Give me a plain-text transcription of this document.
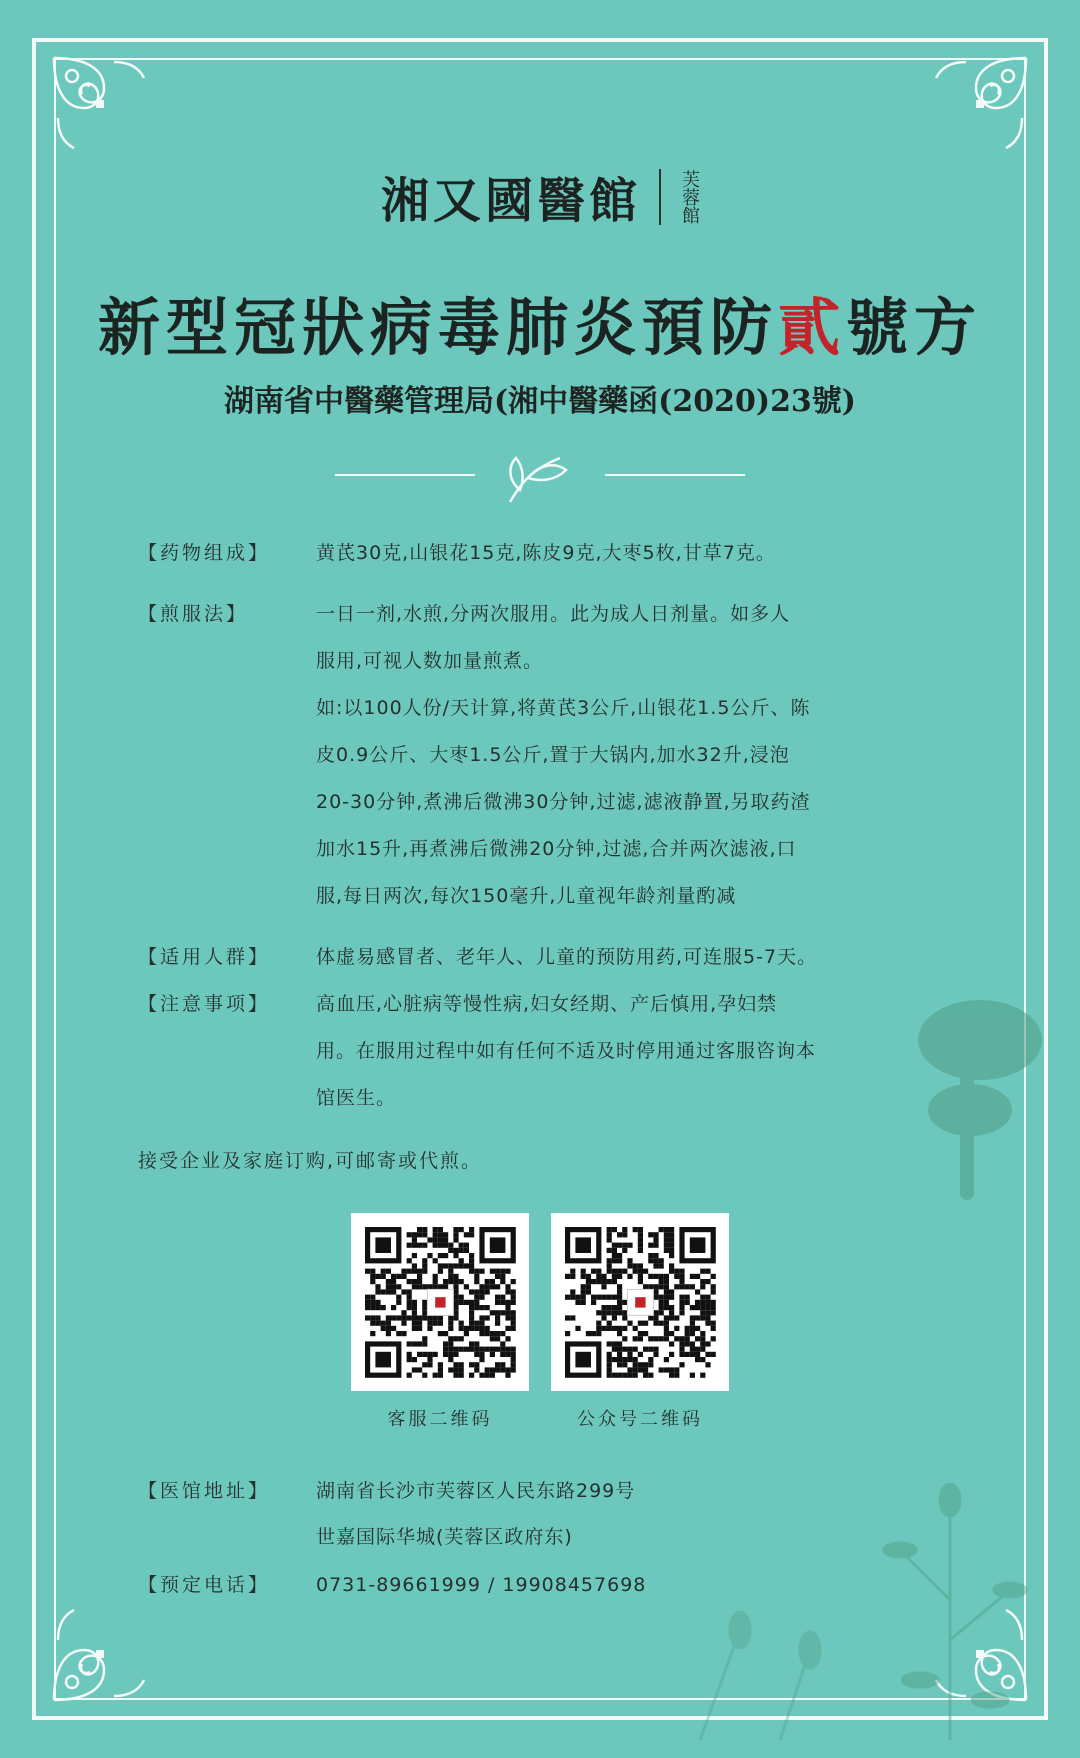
湘又國醫館 芙蓉館
新型冠狀病毒肺炎預防貳號方
湖南省中醫藥管理局(湘中醫藥函(2020)23號)
【药物组成】	黄芪30克,山银花15克,陈皮9克,大枣5枚,甘草7克。
【煎服法】	一日一剂,水煎,分两次服用。此为成人日剂量。如多人
服用,可视人数加量煎煮。
如:以100人份/天计算,将黄芪3公斤,山银花1.5公斤、陈
皮0.9公斤、大枣1.5公斤,置于大锅内,加水32升,浸泡
20-30分钟,煮沸后微沸30分钟,过滤,滤液静置,另取药渣
加水15升,再煮沸后微沸20分钟,过滤,合并两次滤液,口
服,每日两次,每次150毫升,儿童视年龄剂量酌减
【适用人群】	体虚易感冒者、老年人、儿童的预防用药,可连服5-7天。
【注意事项】	高血压,心脏病等慢性病,妇女经期、产后慎用,孕妇禁
用。在服用过程中如有任何不适及时停用通过客服咨询本
馆医生。
接受企业及家庭订购,可邮寄或代煎。
客服二维码	公众号二维码
【医馆地址】	湖南省长沙市芙蓉区人民东路299号
世嘉国际华城(芙蓉区政府东)
【预定电话】	0731-89661999 / 19908457698
